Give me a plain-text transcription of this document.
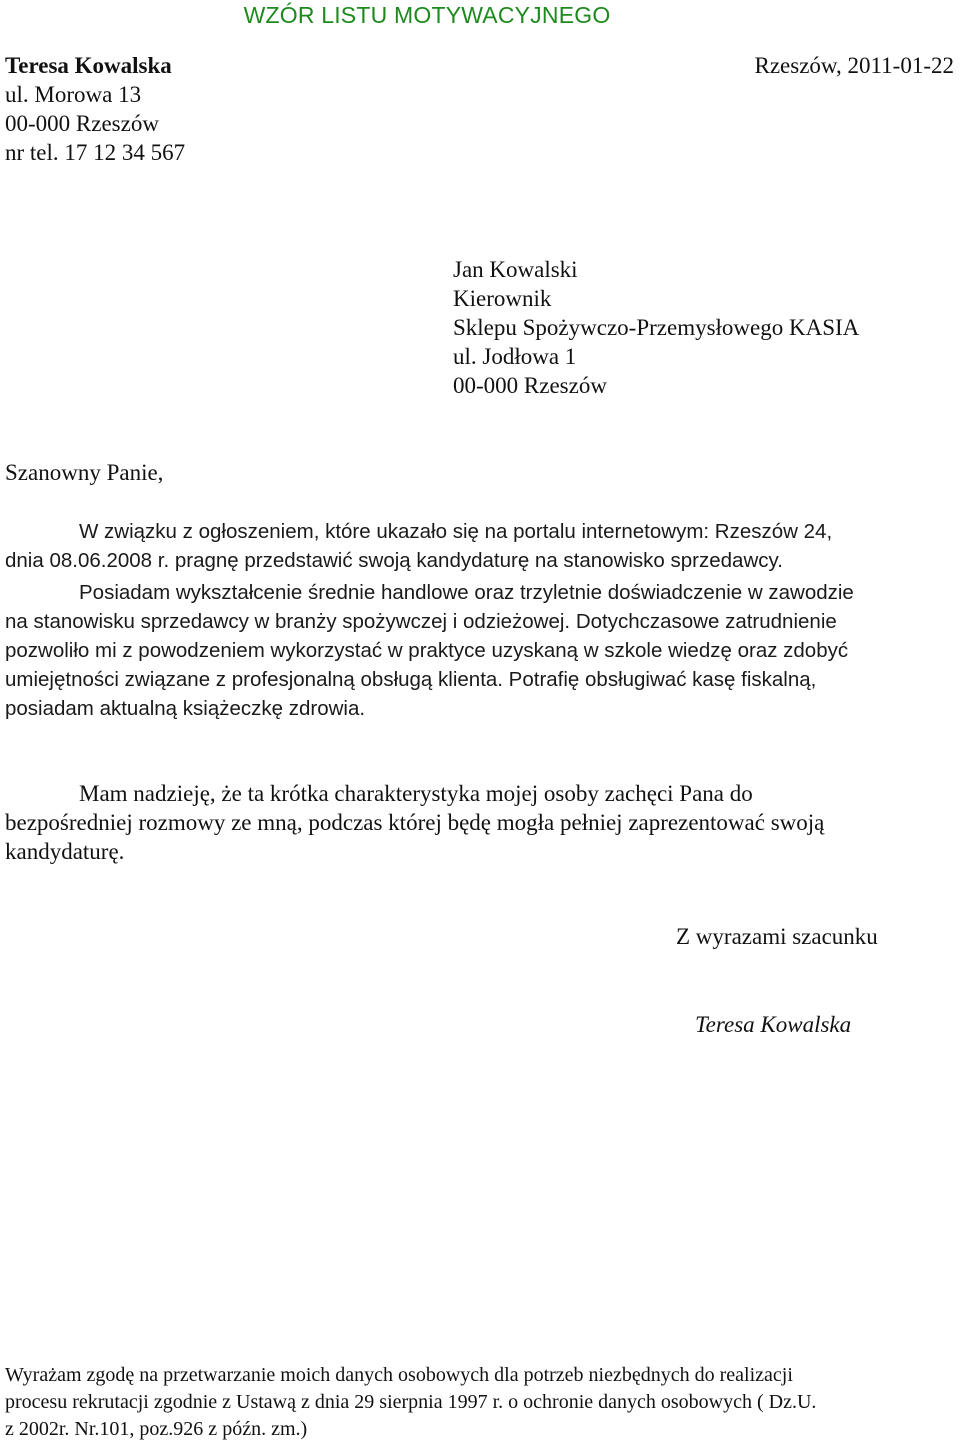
WZÓR LISTU MOTYWACYJNEGO
Teresa Kowalska
ul. Morowa 13
00-000 Rzeszów
nr tel. 17 12 34 567
Rzeszów, 2011-01-22
Jan Kowalski
Kierownik
Sklepu Spożywczo-Przemysłowego KASIA
ul. Jodłowa 1
00-000 Rzeszów
Szanowny Panie,
W związku z ogłoszeniem, które ukazało się na portalu internetowym: Rzeszów 24,
dnia 08.06.2008 r. pragnę przedstawić swoją kandydaturę na stanowisko sprzedawcy.
Posiadam wykształcenie średnie handlowe oraz trzyletnie doświadczenie w zawodzie
na stanowisku sprzedawcy w branży spożywczej i odzieżowej. Dotychczasowe zatrudnienie
pozwoliło mi z powodzeniem wykorzystać w praktyce uzyskaną w szkole wiedzę oraz zdobyć
umiejętności związane z profesjonalną obsługą klienta. Potrafię obsługiwać kasę fiskalną,
posiadam aktualną książeczkę zdrowia.
Mam nadzieję, że ta krótka charakterystyka mojej osoby zachęci Pana do
bezpośredniej rozmowy ze mną, podczas której będę mogła pełniej zaprezentować swoją
kandydaturę.
Z wyrazami szacunku
Teresa Kowalska
Wyrażam zgodę na przetwarzanie moich danych osobowych dla potrzeb niezbędnych do realizacji
procesu rekrutacji zgodnie z Ustawą z dnia 29 sierpnia 1997 r. o ochronie danych osobowych ( Dz.U.
z 2002r. Nr.101, poz.926 z późn. zm.)
